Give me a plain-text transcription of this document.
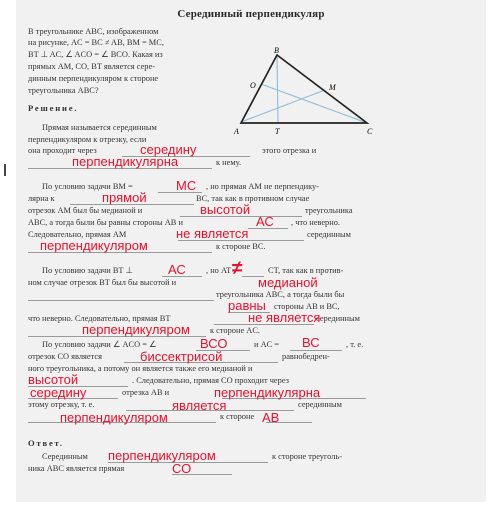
Серединный перпендикуляр
В треугольнике ABC, изображенном
на рисунке, AC = BC ≠ AB, BM = MC,
BT ⊥ AC, ∠ ACO = ∠ BCO. Какая из
прямых AM, CO, BT является сере-
динным перпендикуляром к стороне
треугольника ABC?
B
M
O
A	T	C
Решение.
Прямая называется серединным
перпендикуляром к отрезку, если
она проходит через	этого отрезка и
к нему.
По условию задачи BM =	, но прямая AM не перпендику-
лярна к	BC, так как в противном случае
отрезок AM был бы медианой и	треугольника
ABC, а тогда были бы равны стороны AB и	, что неверно.
Следовательно, прямая AM	серединным
к стороне BC.
По условию задачи BT ⊥	, но AT	CT, так как в против-
ном случае отрезок BT был бы высотой и
треугольника ABC, а тогда были бы
стороны AB и BC,
что неверно. Следовательно, прямая BT	серединным
к стороне AC.
По условию задачи ∠ ACO = ∠	и AC =	, т. е.
отрезок CO является	равнобедрен-
ного треугольника, а потому он является также его медианой и
. Следовательно, прямая CO проходит через
отрезка AB и
этому отрезку, т. е.	серединным
к стороне
Ответ.
Серединным	к стороне треуголь-
ника ABC является прямая
середину
перпендикулярна
МС
прямой
высотой
АС
не является
перпендикуляром
АС ≠
медианой
равны
не является
перпендикуляром
ВСО	ВС
биссектрисой
высотой
середину	перпендикулярна
является
перпендикуляром	АВ
перпендикуляром
СО
